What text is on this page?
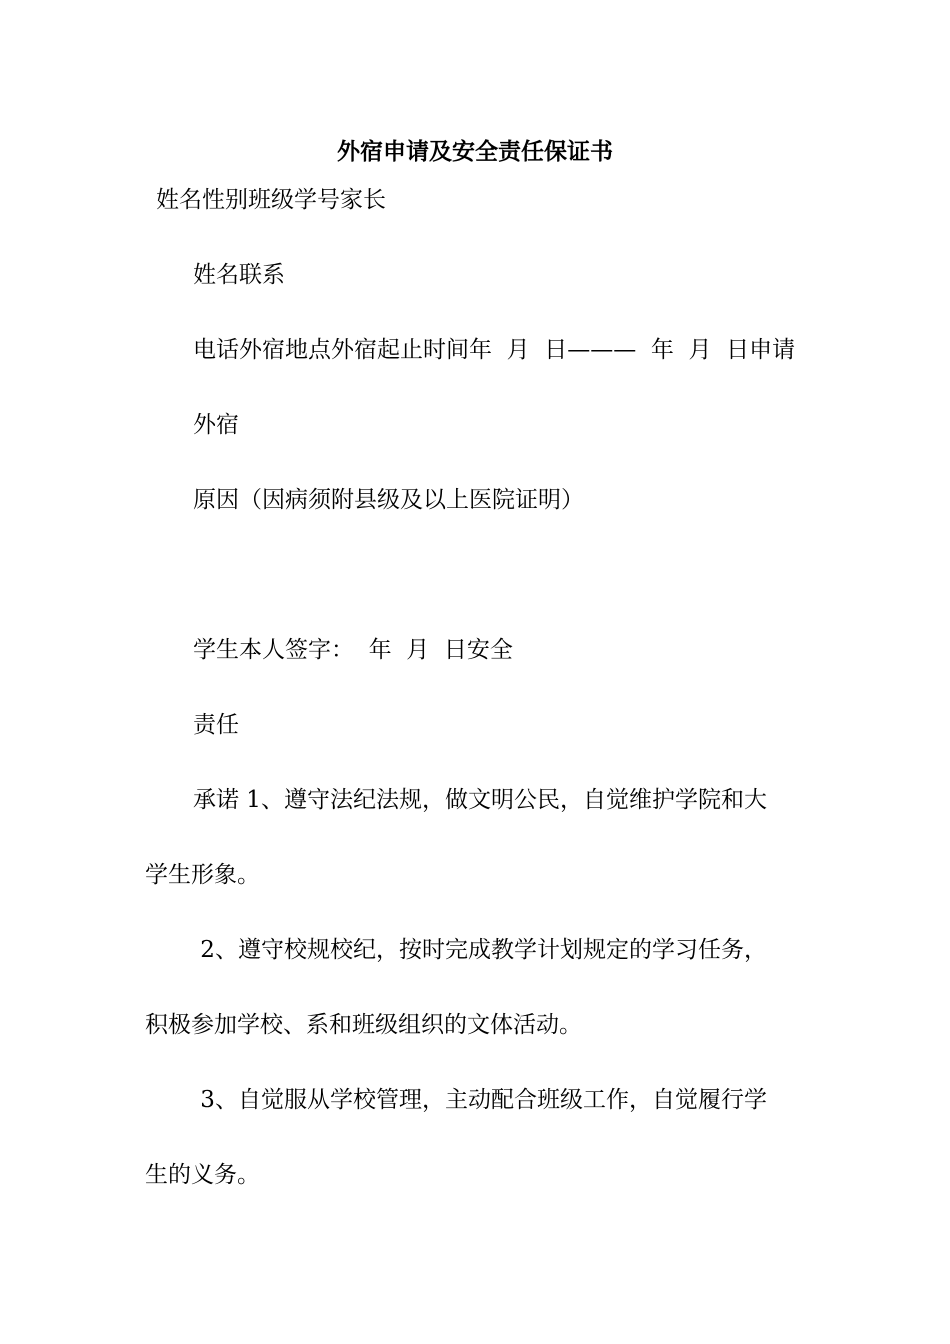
外宿申请及安全责任保证书

姓名性别班级学号家长

姓名联系

电话外宿地点外宿起止时间年  月  日———  年  月  日申请

外宿

原因（因病须附县级及以上医院证明）

学生本人签字：  年  月  日安全

责任

承诺 1、遵守法纪法规，做文明公民，自觉维护学院和大

学生形象。

2、遵守校规校纪，按时完成教学计划规定的学习任务，

积极参加学校、系和班级组织的文体活动。

3、自觉服从学校管理，主动配合班级工作，自觉履行学

生的义务。
